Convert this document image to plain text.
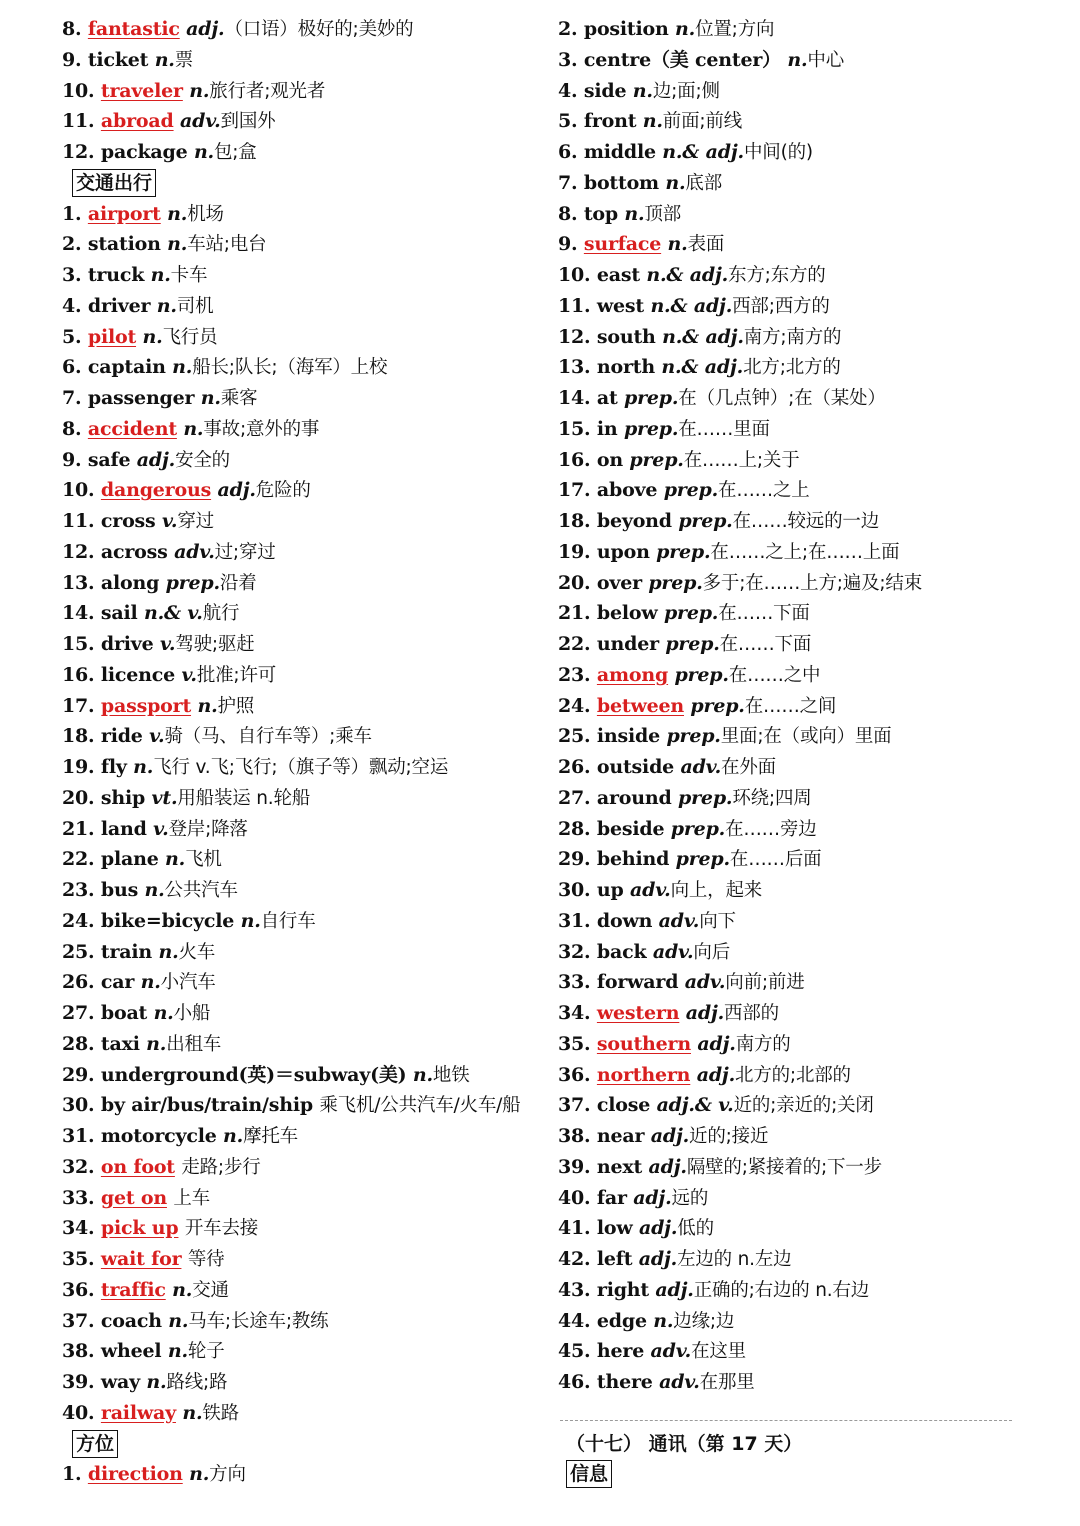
8. fantastic adj.（口语）极好的;美妙的
9. ticket n.票
10. traveler n.旅行者;观光者
11. abroad adv.到国外
12. package n.包;盒
交通出行
1. airport n.机场
2. station n.车站;电台
3. truck n.卡车
4. driver n.司机
5. pilot n.飞行员
6. captain n.船长;队长;（海军）上校
7. passenger n.乘客
8. accident n.事故;意外的事
9. safe adj.安全的
10. dangerous adj.危险的
11. cross v.穿过
12. across adv.过;穿过
13. along prep.沿着
14. sail n.& v.航行
15. drive v.驾驶;驱赶
16. licence v.批准;许可
17. passport n.护照
18. ride v.骑（马、自行车等）;乘车
19. fly n.飞行 v.飞;飞行;（旗子等）飘动;空运
20. ship vt.用船装运 n.轮船
21. land v.登岸;降落
22. plane n.飞机
23. bus n.公共汽车
24. bike=bicycle n.自行车
25. train n.火车
26. car n.小汽车
27. boat n.小船
28. taxi n.出租车
29. underground(英)＝subway(美) n.地铁
30. by air/bus/train/ship 乘飞机/公共汽车/火车/船
31. motorcycle n.摩托车
32. on foot 走路;步行
33. get on 上车
34. pick up 开车去接
35. wait for 等待
36. traffic n.交通
37. coach n.马车;长途车;教练
38. wheel n.轮子
39. way n.路线;路
40. railway n.铁路
方位
1. direction n.方向
2. position n.位置;方向
3. centre（美 center） n.中心
4. side n.边;面;侧
5. front n.前面;前线
6. middle n.& adj.中间(的)
7. bottom n.底部
8. top n.顶部
9. surface n.表面
10. east n.& adj.东方;东方的
11. west n.& adj.西部;西方的
12. south n.& adj.南方;南方的
13. north n.& adj.北方;北方的
14. at prep.在（几点钟）;在（某处）
15. in prep.在……里面
16. on prep.在……上;关于
17. above prep.在……之上
18. beyond prep.在……较远的一边
19. upon prep.在……之上;在……上面
20. over prep.多于;在……上方;遍及;结束
21. below prep.在……下面
22. under prep.在……下面
23. among prep.在……之中
24. between prep.在……之间
25. inside prep.里面;在（或向）里面
26. outside adv.在外面
27. around prep.环绕;四周
28. beside prep.在……旁边
29. behind prep.在……后面
30. up adv.向上，起来
31. down adv.向下
32. back adv.向后
33. forward adv.向前;前进
34. western adj.西部的
35. southern adj.南方的
36. northern adj.北方的;北部的
37. close adj.& v.近的;亲近的;关闭
38. near adj.近的;接近
39. next adj.隔壁的;紧接着的;下一步
40. far adj.远的
41. low adj.低的
42. left adj.左边的 n.左边
43. right adj.正确的;右边的 n.右边
44. edge n.边缘;边
45. here adv.在这里
46. there adv.在那里
（十七） 通讯（第 17 天）
信息
